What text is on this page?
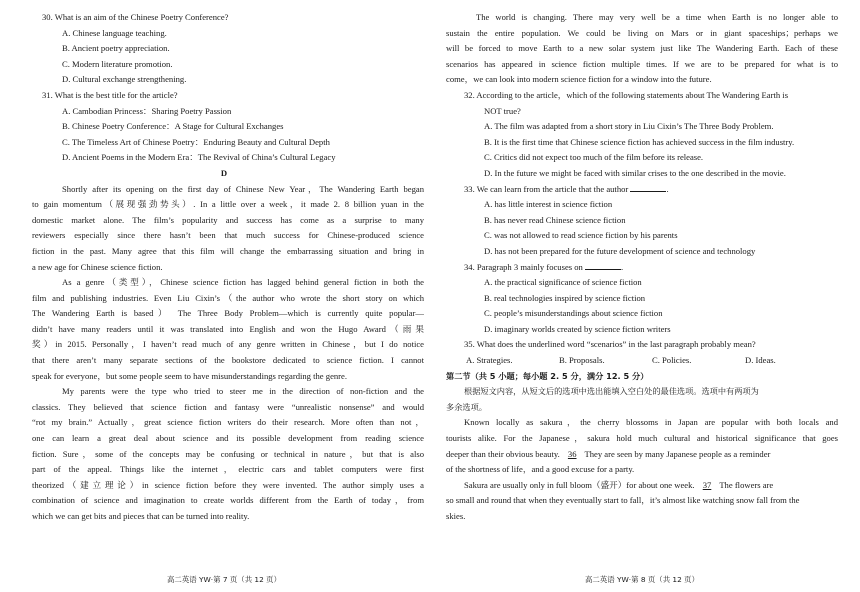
30. What is an aim of the Chinese Poetry Conference?
A. Chinese language teaching.
B. Ancient poetry appreciation.
C. Modern literature promotion.
D. Cultural exchange strengthening.
31. What is the best title for the article?
A. Cambodian Princess：Sharing Poetry Passion
B. Chinese Poetry Conference：A Stage for Cultural Exchanges
C. The Timeless Art of Chinese Poetry：Enduring Beauty and Cultural Depth
D. Ancient Poems in the Modern Era：The Revival of China’s Cultural Legacy
D
Shortly after its opening on the first day of Chinese New Year，The Wandering Earth began
to gain momentum（展现强劲势头）. In a little over a week，it made 2. 8 billion yuan in the
domestic market alone. The film’s popularity and success has come as a surprise to many
reviewers especially since there hasn’t been that much success for Chinese-produced science
fiction in the past. Many agree that this film will change the embarrassing situation and bring in
a new age for Chinese science fiction.
As a genre（类型），Chinese science fiction has lagged behind general fiction in both the
film and publishing industries. Even Liu Cixin’s（the author who wrote the short story on which
The Wandering Earth is based） The Three Body Problem—which is currently quite popular—
didn’t have many readers until it was translated into English and won the Hugo Award（雨果
奖）in 2015. Personally，I haven’t read much of any genre written in Chinese，but I do notice
that there aren’t many separate sections of the bookstore dedicated to science fiction. I cannot
speak for everyone，but some people seem to have misunderstandings regarding the genre.
My parents were the type who tried to steer me in the direction of non-fiction and the
classics. They believed that science fiction and fantasy were “unrealistic nonsense” and would
“rot my brain.” Actually，great science fiction writers do their research. More often than not，
one can learn a great deal about science and its possible development from reading science
fiction. Sure，some of the concepts may be confusing or technical in nature，but that is also
part of the appeal. Things like the internet，electric cars and tablet computers were first
theorized（建立理论）in science fiction before they were invented. The author simply uses a
combination of science and imagination to create worlds different from the Earth of today，from
which we can get bits and pieces that can be turned into reality.
高二英语 YW·第 7 页（共 12 页）
The world is changing. There may very well be a time when Earth is no longer able to
sustain the entire population. We could be living on Mars or in giant spaceships；perhaps we
will be forced to move Earth to a new solar system just like The Wandering Earth. Each of these
scenarios has appeared in science fiction multiple times. If we are to be prepared for what is to
come，we can look into modern science fiction for a window into the future.
32. According to the article，which of the following statements about The Wandering Earth is
NOT true?
A. The film was adapted from a short story in Liu Cixin’s The Three Body Problem.
B. It is the first time that Chinese science fiction has achieved success in the film industry.
C. Critics did not expect too much of the film before its release.
D. In the future we might be faced with similar crises to the one described in the movie.
33. We can learn from the article that the author	.
A. has little interest in science fiction
B. has never read Chinese science fiction
C. was not allowed to read science fiction by his parents
D. has not been prepared for the future development of science and technology
34. Paragraph 3 mainly focuses on	.
A. the practical significance of science fiction
B. real technologies inspired by science fiction
C. people’s misunderstandings about science fiction
D. imaginary worlds created by science fiction writers
35. What does the underlined word “scenarios” in the last paragraph probably mean?
A. Strategies.	B. Proposals.	C. Policies.	D. Ideas.
第二节（共 5 小题；每小题 2. 5 分，满分 12. 5 分）
根据短文内容，从短文后的选项中选出能填入空白处的最佳选项。选项中有两项为
多余选项。
Known locally as sakura，the cherry blossoms in Japan are popular with both locals and
tourists alike. For the Japanese，sakura hold much cultural and historical significance that goes
deeper than their obvious beauty. 36 They are seen by many Japanese people as a reminder
of the shortness of life，and a good excuse for a party.
Sakura are usually only in full bloom（盛开）for about one week. 37 The flowers are
so small and round that when they eventually start to fall，it’s almost like watching snow fall from the
skies.
高二英语 YW·第 8 页（共 12 页）
